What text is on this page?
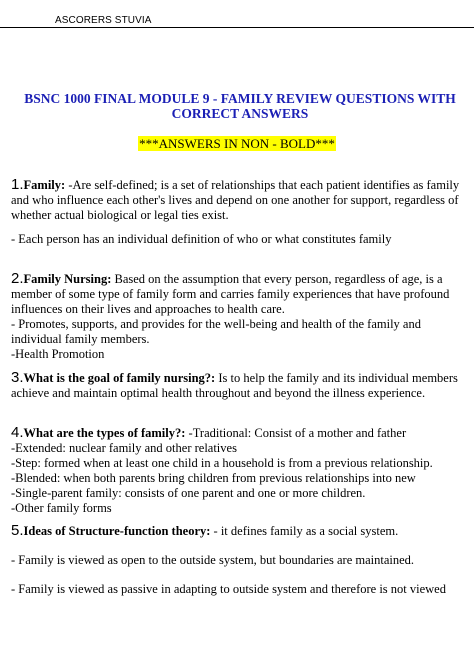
ASCORERS STUVIA
BSNC 1000 FINAL MODULE 9 - FAMILY REVIEW QUESTIONS WITH CORRECT ANSWERS
***ANSWERS IN NON - BOLD***

1.Family: -Are self-defined; is a set of relationships that each patient identifies as family and who influence each other's lives and depend on one another for support, regardless of whether actual biological or legal ties exist.

- Each person has an individual definition of who or what constitutes family

2.Family Nursing: Based on the assumption that every person, regardless of age, is a member of some type of family form and carries family experiences that have profound influences on their lives and approaches to health care.

- Promotes, supports, and provides for the well-being and health of the family and individual family members.

-Health Promotion

3.What is the goal of family nursing?: Is to help the family and its individual members achieve and maintain optimal health throughout and beyond the illness experience.

4.What are the types of family?: -Traditional: Consist of a mother and father

-Extended: nuclear family and other relatives

-Step: formed when at least one child in a household is from a previous relationship.

-Blended: when both parents bring children from previous relationships into new

-Single-parent family: consists of one parent and one or more children.

-Other family forms

5.Ideas of Structure-function theory: - it defines family as a social system.

- Family is viewed as open to the outside system, but boundaries are maintained.

- Family is viewed as passive in adapting to outside system and therefore is not viewed
